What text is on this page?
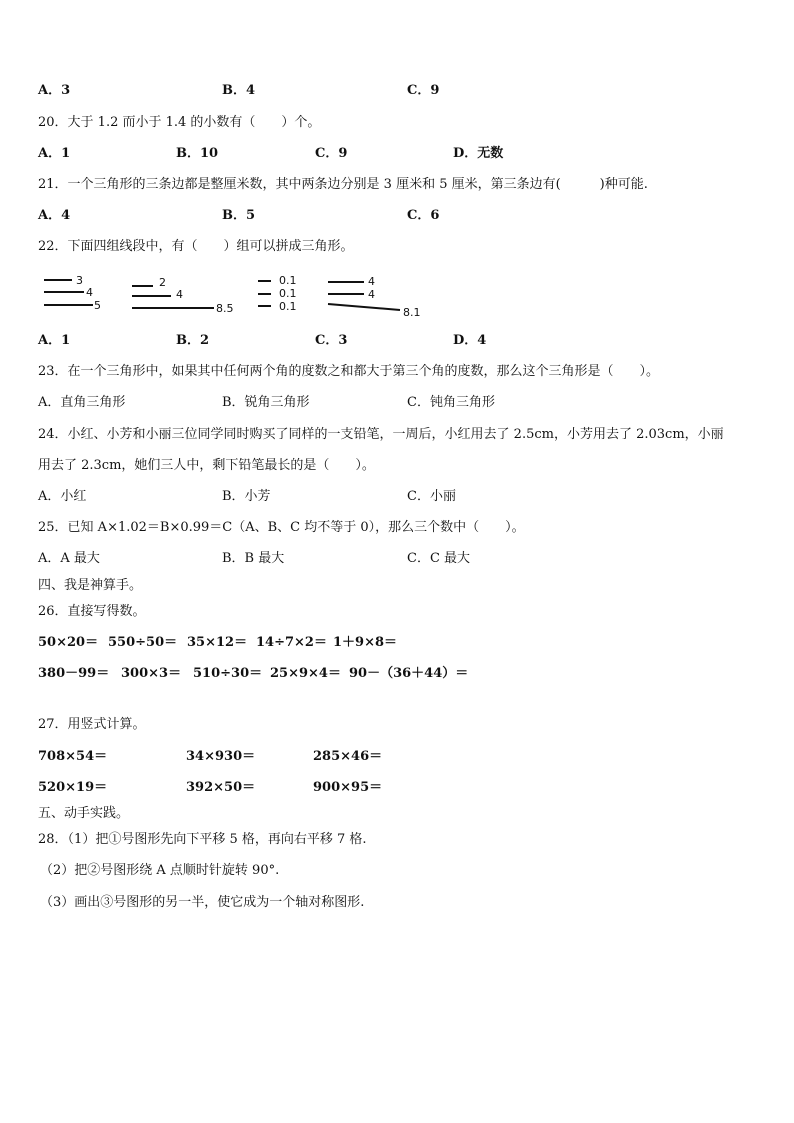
A．3	B．4	C．9
20．大于 1.2 而小于 1.4 的小数有（　　）个。
A．1	B．10	C．9	D．无数
21．一个三角形的三条边都是整厘米数，其中两条边分别是 3 厘米和 5 厘米，第三条边有(　　　)种可能.
A．4	B．5	C．6
22．下面四组线段中，有（　　）组可以拼成三角形。
3
4
5
2
4
8.5
0.1
0.1
0.1
4
4
8.1
A．1	B．2	C．3	D．4
23．在一个三角形中，如果其中任何两个角的度数之和都大于第三个角的度数，那么这个三角形是（　　）。
A．直角三角形	B．锐角三角形	C．钝角三角形
24．小红、小芳和小丽三位同学同时购买了同样的一支铅笔，一周后，小红用去了 2.5cm，小芳用去了 2.03cm，小丽
用去了 2.3cm，她们三人中，剩下铅笔最长的是（　　）。
A．小红	B．小芳	C．小丽
25．已知 A×1.02＝B×0.99＝C（A、B、C 均不等于 0），那么三个数中（　　）。
A．A 最大	B．B 最大	C．C 最大
四、我是神算手。
26．直接写得数。
50×20＝ 550÷50＝ 35×12＝ 14÷7×2＝ 1＋9×8＝
380－99＝ 300×3＝ 510÷30＝ 25×9×4＝ 90－（36＋44）＝
27．用竖式计算。
708×54＝	34×930＝	285×46＝
520×19＝	392×50＝	900×95＝
五、动手实践。
28．（1）把①号图形先向下平移 5 格，再向右平移 7 格.
（2）把②号图形绕 A 点顺时针旋转 90°.
（3）画出③号图形的另一半，使它成为一个轴对称图形.
